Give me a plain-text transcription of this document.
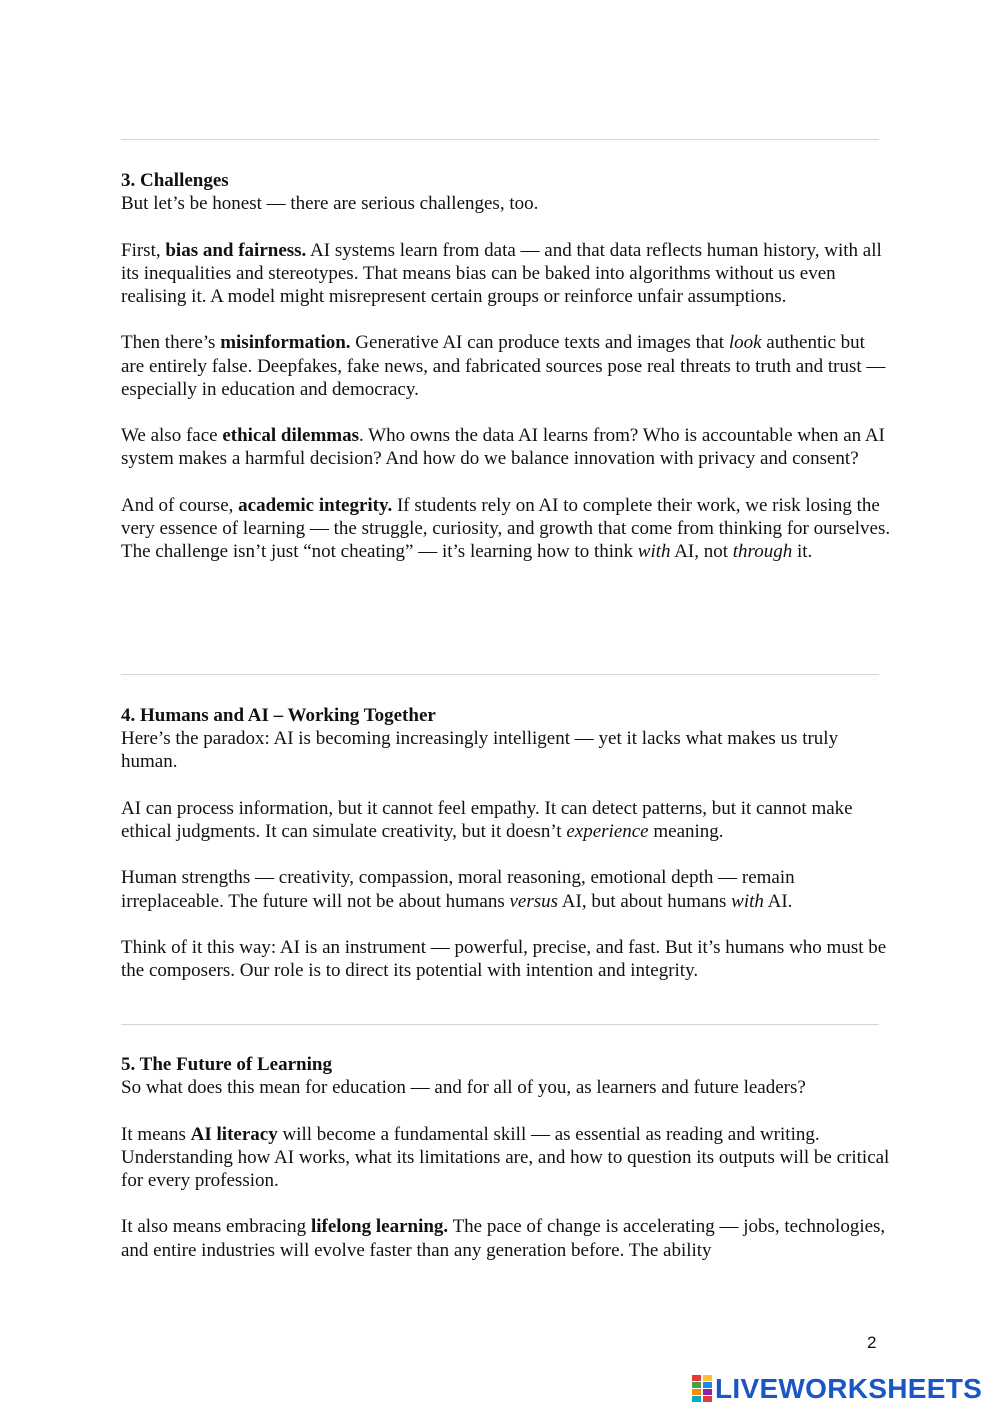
3. Challenges

But let’s be honest — there are serious challenges, too.

First, bias and fairness. AI systems learn from data — and that data reflects human history, with all its inequalities and stereotypes. That means bias can be baked into algorithms without us even realising it. A model might misrepresent certain groups or reinforce unfair assumptions.

Then there’s misinformation. Generative AI can produce texts and images that look authentic but are entirely false. Deepfakes, fake news, and fabricated sources pose real threats to truth and trust — especially in education and democracy.

We also face ethical dilemmas. Who owns the data AI learns from? Who is accountable when an AI system makes a harmful decision? And how do we balance innovation with privacy and consent?

And of course, academic integrity. If students rely on AI to complete their work, we risk losing the very essence of learning — the struggle, curiosity, and growth that come from thinking for ourselves. The challenge isn’t just “not cheating” — it’s learning how to think with AI, not through it.

4. Humans and AI – Working Together

Here’s the paradox: AI is becoming increasingly intelligent — yet it lacks what makes us truly human.

AI can process information, but it cannot feel empathy. It can detect patterns, but it cannot make ethical judgments. It can simulate creativity, but it doesn’t experience meaning.

Human strengths — creativity, compassion, moral reasoning, emotional depth — remain irreplaceable. The future will not be about humans versus AI, but about humans with AI.

Think of it this way: AI is an instrument — powerful, precise, and fast. But it’s humans who must be the composers. Our role is to direct its potential with intention and integrity.

5. The Future of Learning

So what does this mean for education — and for all of you, as learners and future leaders?

It means AI literacy will become a fundamental skill — as essential as reading and writing. Understanding how AI works, what its limitations are, and how to question its outputs will be critical for every profession.

It also means embracing lifelong learning. The pace of change is accelerating — jobs, technologies, and entire industries will evolve faster than any generation before. The ability

2
LIVEWORKSHEETS
